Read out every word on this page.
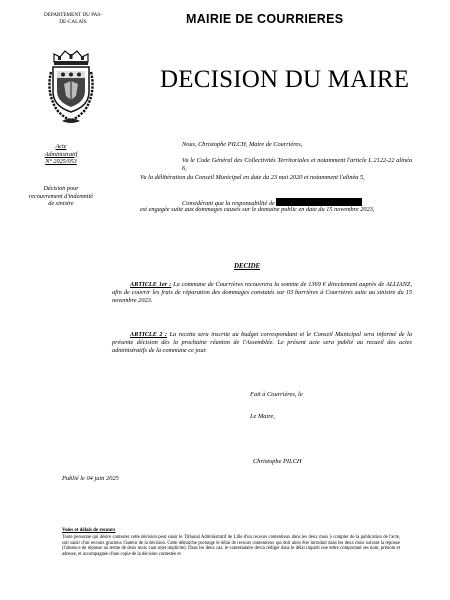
DEPARTEMENT DU PAS-DE-CALAIS	MAIRIE DE COURRIERES
DECISION DU MAIRE
Acte
Administratif
N° 2025/053
Décision pour recouvrement d'indemnité de sinistre
Nous, Christophe PILCH, Maire de Courrières,
Vu le Code Général des Collectivités Territoriales et notamment l'article L 2122-22 alinéa 6,
Vu la délibération du Conseil Municipal en date du 23 mai 2020 et notamment l'alinéa 5,
Considérant que la responsabilité de
est engagée suite aux dommages causés sur le domaine public en date du 15 novembre 2023,
DECIDE
ARTICLE 1er : La commune de Courrières recouvrera la somme de 1369 € directement auprès de ALLIANZ, afin de couvrir les frais de réparation des dommages constatés sur 03 barrières à Courrières suite au sinistre du 15 novembre 2023.
ARTICLE 2 : La recette sera inscrite au budget correspondant et le Conseil Municipal sera informé de la présente décision dès la prochaine réunion de l'Assemblée. Le présent acte sera publié au recueil des actes administratifs de la commune ce jour.
Fait à Courrières, le
Le Maire,
Christophe PILCH
Publié le 04 juin 2025
Voies et délais de recours
Toute personne qui désire contester cette décision peut saisir le Tribunal Administratif de Lille d'un recours contentieux dans les deux mois à compter de la publication de l'acte, soit saisir d'un recours gracieux l'auteur de la décision. Cette démarche prolonge le délai de recours contentieux qui doit alors être introduit dans les deux mois suivant la réponse (l'absence de réponse au terme de deux mois vaut rejet implicite). Dans les deux cas, le contestataire devra rédiger dans le délai imparti une lettre comportant ses nom, prénom et adresse, et accompagnée d'une copie de la décision contestée et
